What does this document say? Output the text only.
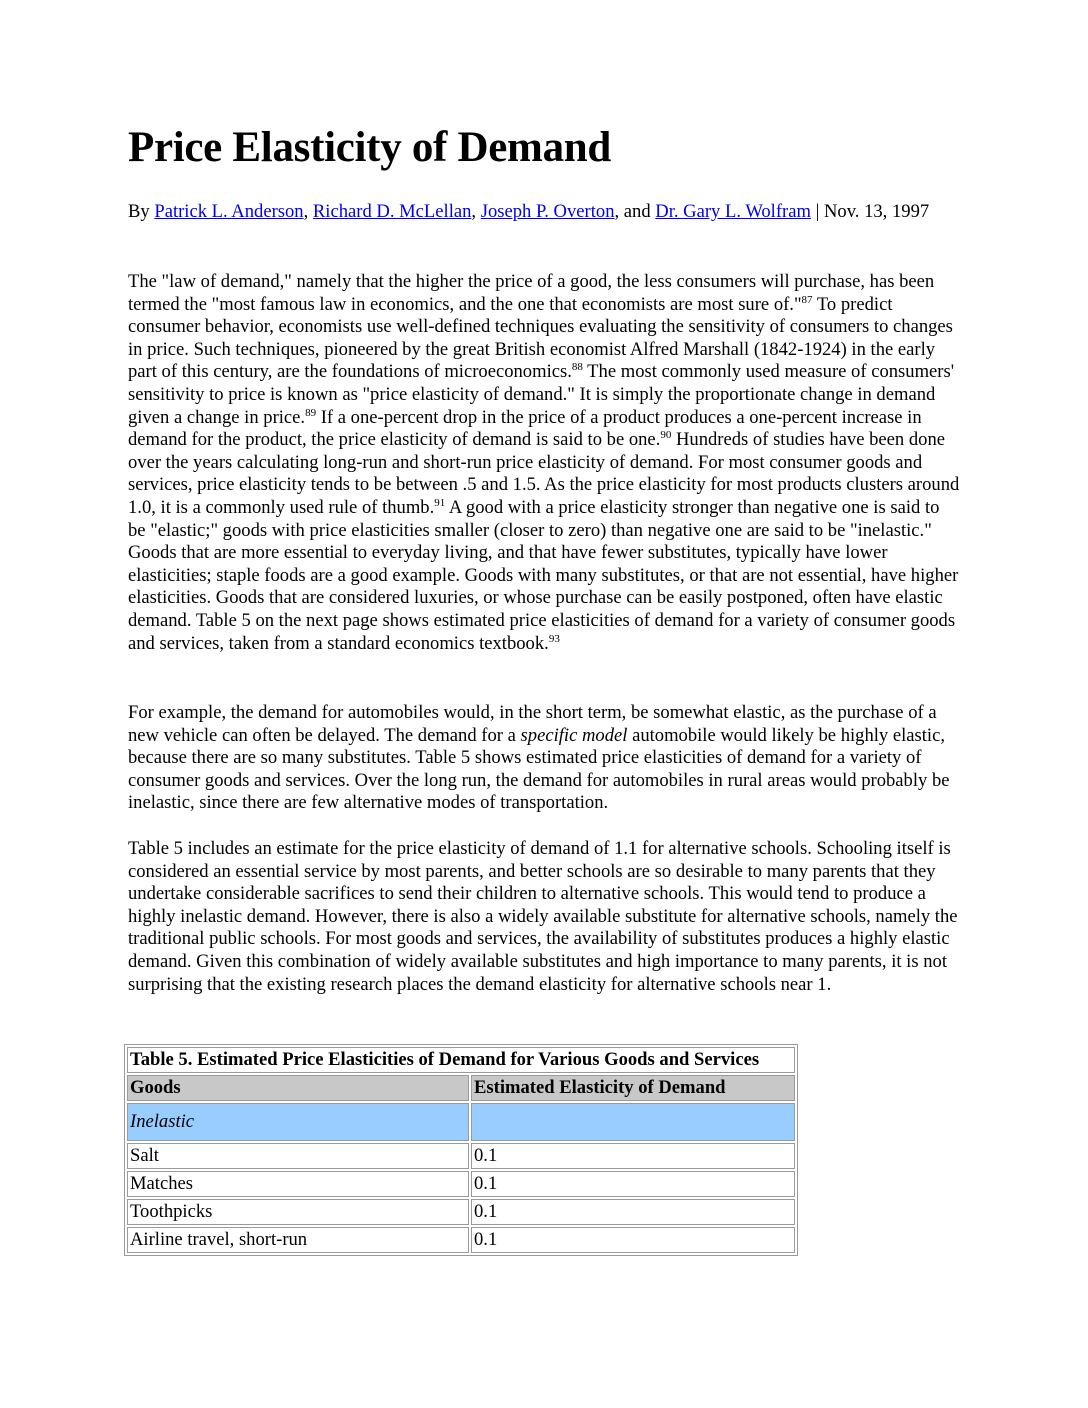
Price Elasticity of Demand

By Patrick L. Anderson, Richard D. McLellan, Joseph P. Overton, and Dr. Gary L. Wolfram | Nov. 13, 1997

The "law of demand," namely that the higher the price of a good, the less consumers will purchase, has been termed the "most famous law in economics, and the one that economists are most sure of."$^{87}$ To predict consumer behavior, economists use well-defined techniques evaluating the sensitivity of consumers to changes in price. Such techniques, pioneered by the great British economist Alfred Marshall (1842-1924) in the early part of this century, are the foundations of microeconomics.$^{88}$ The most commonly used measure of consumers' sensitivity to price is known as "price elasticity of demand." It is simply the proportionate change in demand given a change in price.$^{89}$ If a one-percent drop in the price of a product produces a one-percent increase in demand for the product, the price elasticity of demand is said to be one.$^{90}$ Hundreds of studies have been done over the years calculating long-run and short-run price elasticity of demand. For most consumer goods and services, price elasticity tends to be between .5 and 1.5. As the price elasticity for most products clusters around 1.0, it is a commonly used rule of thumb.$^{91}$ A good with a price elasticity stronger than negative one is said to be "elastic;" goods with price elasticities smaller (closer to zero) than negative one are said to be "inelastic." Goods that are more essential to everyday living, and that have fewer substitutes, typically have lower elasticities; staple foods are a good example. Goods with many substitutes, or that are not essential, have higher elasticities. Goods that are considered luxuries, or whose purchase can be easily postponed, often have elastic demand. Table 5 on the next page shows estimated price elasticities of demand for a variety of consumer goods and services, taken from a standard economics textbook.$^{93}$

For example, the demand for automobiles would, in the short term, be somewhat elastic, as the purchase of a new vehicle can often be delayed. The demand for a specific model automobile would likely be highly elastic, because there are so many substitutes. Table 5 shows estimated price elasticities of demand for a variety of consumer goods and services. Over the long run, the demand for automobiles in rural areas would probably be inelastic, since there are few alternative modes of transportation.

Table 5 includes an estimate for the price elasticity of demand of 1.1 for alternative schools. Schooling itself is considered an essential service by most parents, and better schools are so desirable to many parents that they undertake considerable sacrifices to send their children to alternative schools. This would tend to produce a highly inelastic demand. However, there is also a widely available substitute for alternative schools, namely the traditional public schools. For most goods and services, the availability of substitutes produces a highly elastic demand. Given this combination of widely available substitutes and high importance to many parents, it is not surprising that the existing research places the demand elasticity for alternative schools near 1.

Table 5. Estimated Price Elasticities of Demand for Various Goods and Services	
Goods	Estimated Elasticity of Demand
Inelastic	
Salt	0.1
Matches	0.1
Toothpicks	0.1
Airline travel, short-run	0.1
